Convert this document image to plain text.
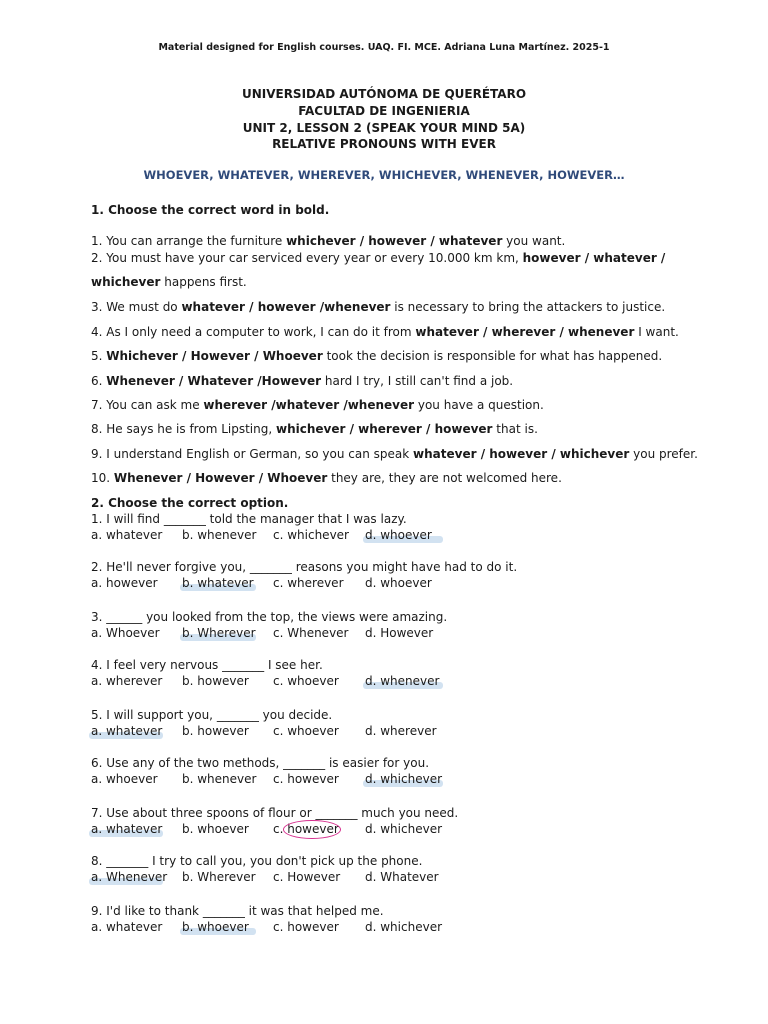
Material designed for English courses. UAQ. FI. MCE. Adriana Luna Martínez. 2025-1
UNIVERSIDAD AUTÓNOMA DE QUERÉTARO
FACULTAD DE INGENIERIA
UNIT 2, LESSON 2 (SPEAK YOUR MIND 5A)
RELATIVE PRONOUNS WITH EVER
WHOEVER, WHATEVER, WHEREVER, WHICHEVER, WHENEVER, HOWEVER…
1. Choose the correct word in bold.
1. You can arrange the furniture whichever / however / whatever you want.
2. You must have your car serviced every year or every 10.000 km km, however / whatever /
whichever happens first.
3. We must do whatever / however /whenever is necessary to bring the attackers to justice.
4. As I only need a computer to work, I can do it from whatever / wherever / whenever I want.
5. Whichever / However / Whoever took the decision is responsible for what has happened.
6. Whenever / Whatever /However hard I try, I still can't find a job.
7. You can ask me wherever /whatever /whenever you have a question.
8. He says he is from Lipsting, whichever / wherever / however that is.
9. I understand English or German, so you can speak whatever / however / whichever you prefer.
10. Whenever / However / Whoever they are, they are not welcomed here.
2. Choose the correct option.
1. I will find _______ told the manager that I was lazy.
a. whatever b. whenever c. whichever d. whoever
2. He'll never forgive you, _______ reasons you might have had to do it.
a. however b. whatever c. wherever d. whoever
3. ______ you looked from the top, the views were amazing.
a. Whoever b. Wherever c. Whenever d. However
4. I feel very nervous _______ I see her.
a. wherever b. however c. whoever d. whenever
5. I will support you, _______ you decide.
a. whatever b. however c. whoever d. wherever
6. Use any of the two methods, _______ is easier for you.
a. whoever b. whenever c. however d. whichever
7. Use about three spoons of flour or _______ much you need.
a. whatever b. whoever c. however d. whichever
8. _______ I try to call you, you don't pick up the phone.
a. Whenever b. Wherever c. However d. Whatever
9. I'd like to thank _______ it was that helped me.
a. whatever b. whoever c. however d. whichever
